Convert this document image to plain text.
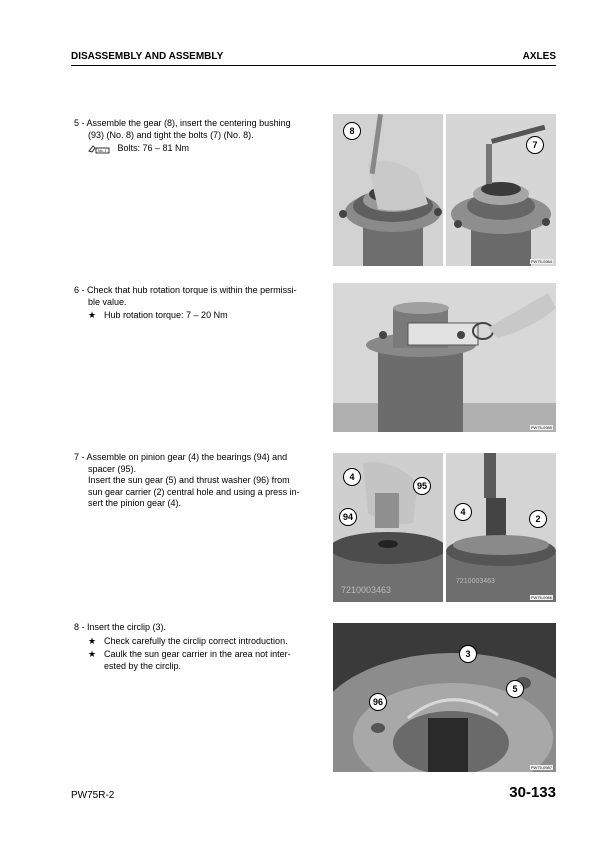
DISASSEMBLY AND ASSEMBLY	AXLES

5 - Assemble the gear (8), insert the centering bushing

(93) (No. 8) and tight the bolts (7) (No. 8).

No. 1 Bolts: 76 – 81 Nm

8
7
PW75-0984

6 - Check that hub rotation torque is within the permissi-

ble value.

★ Hub rotation torque: 7 – 20 Nm
PW75-0985

7 - Assemble on pinion gear (4) the bearings (94) and

spacer (95).

Insert the sun gear (5) and thrust washer (96) from

sun gear carrier (2) central hole and using a press in-

sert the pinion gear (4).

7210003463
4
95
94
7210003463
4
2
PW75-0986

8 - Insert the circlip (3).

★ Check carefully the circlip correct introduction.
★ Caulk the sun gear carrier in the area not inter-
ested by the circlip.
3
5
96
PW75-0987
PW75R-2	30-133
